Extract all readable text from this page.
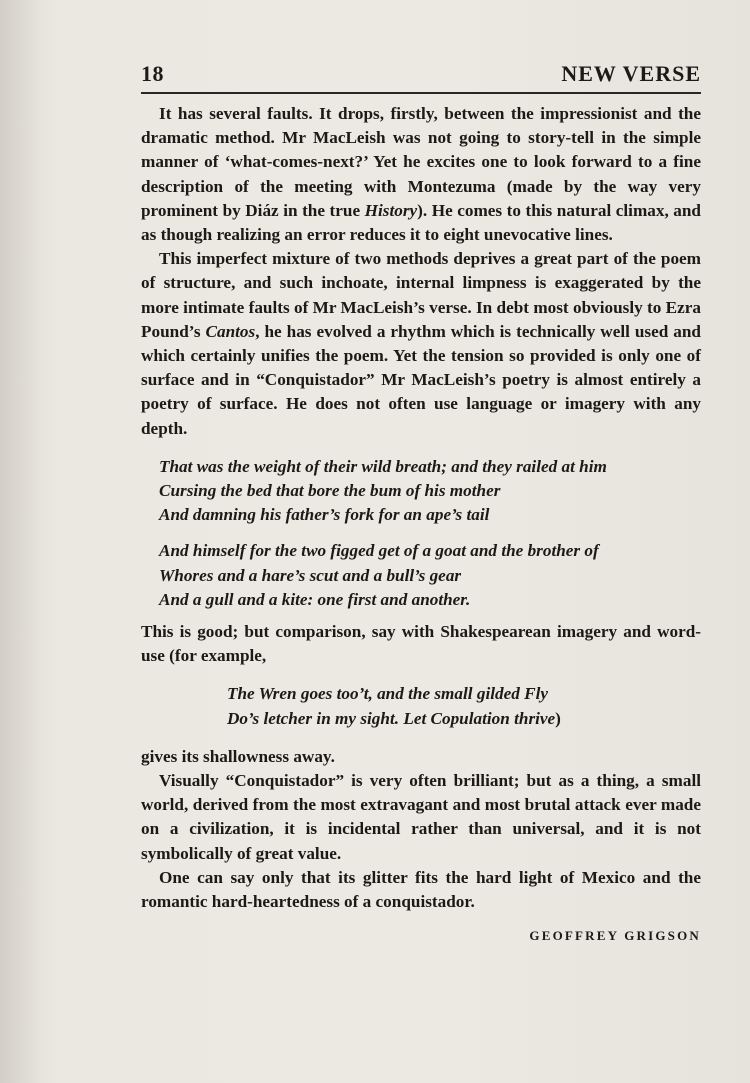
18	NEW VERSE

It has several faults. It drops, firstly, between the impressionist and the dramatic method. Mr MacLeish was not going to story-tell in the simple manner of ‘what-comes-next?’ Yet he excites one to look forward to a fine description of the meeting with Montezuma (made by the way very prominent by Diáz in the true History). He comes to this natural climax, and as though realizing an error reduces it to eight unevocative lines.

This imperfect mixture of two methods deprives a great part of the poem of structure, and such inchoate, internal limpness is exaggerated by the more intimate faults of Mr MacLeish’s verse. In debt most obviously to Ezra Pound’s Cantos, he has evolved a rhythm which is technically well used and which certainly unifies the poem. Yet the tension so provided is only one of surface and in “Conquistador” Mr MacLeish’s poetry is almost entirely a poetry of surface. He does not often use language or imagery with any depth.

That was the weight of their wild breath; and they railed at him
Cursing the bed that bore the bum of his mother
And damning his father’s fork for an ape’s tail
And himself for the two figged get of a goat and the brother of
Whores and a hare’s scut and a bull’s gear
And a gull and a kite: one first and another.

This is good; but comparison, say with Shakespearean imagery and word-use (for example,

The Wren goes too’t, and the small gilded Fly
Do’s letcher in my sight. Let Copulation thrive)

gives its shallowness away.

Visually “Conquistador” is very often brilliant; but as a thing, a small world, derived from the most extravagant and most brutal attack ever made on a civilization, it is incidental rather than universal, and it is not symbolically of great value.

One can say only that its glitter fits the hard light of Mexico and the romantic hard-heartedness of a conquistador.

GEOFFREY GRIGSON
